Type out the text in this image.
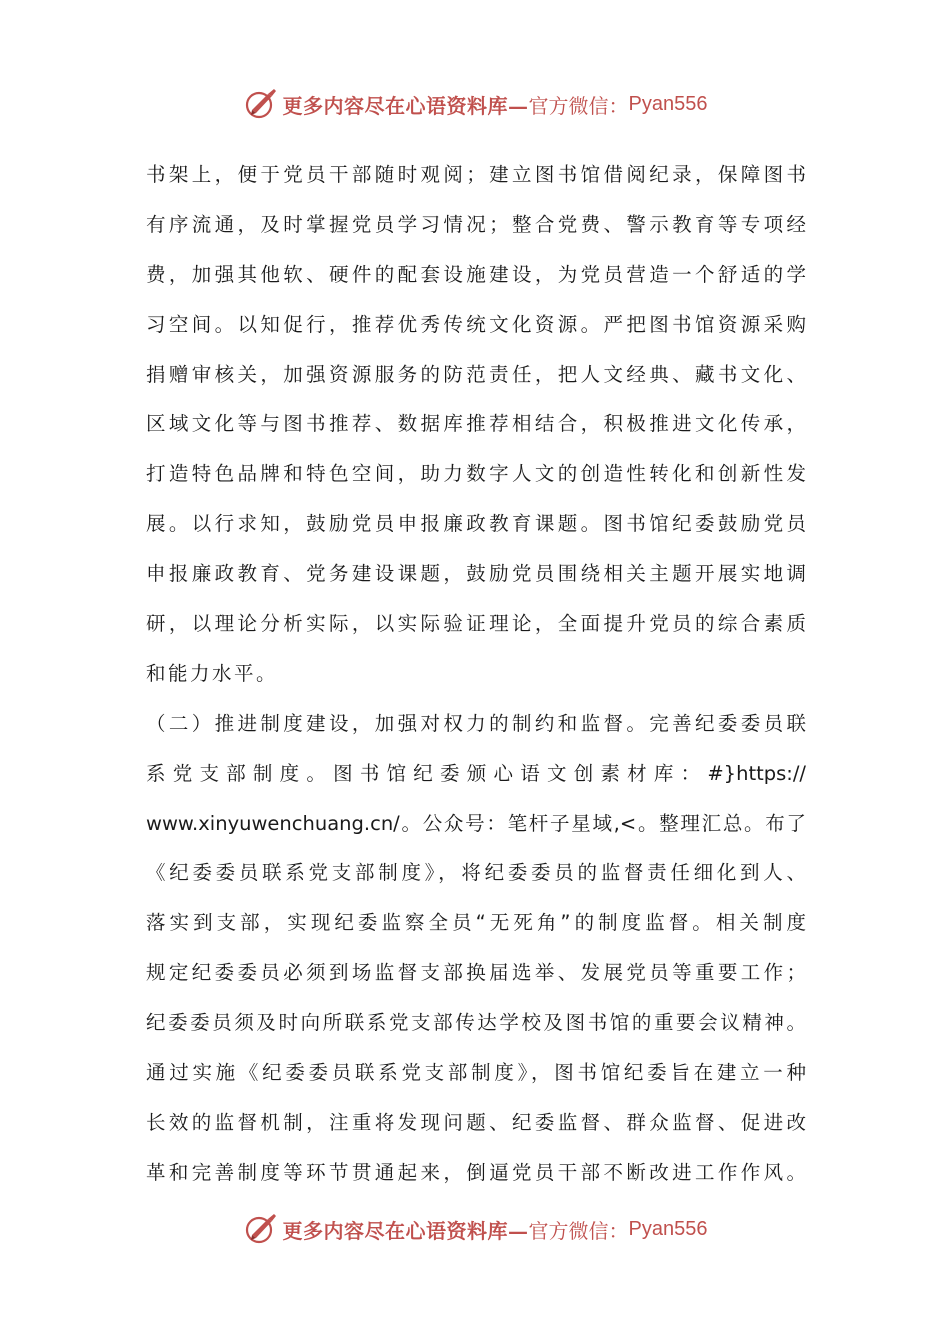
更多内容尽在心语资料库— 官方微信： Pyan556
书架上，便于党员干部随时观阅；建立图书馆借阅纪录，保障图书
有序流通，及时掌握党员学习情况；整合党费、警示教育等专项经
费，加强其他软、硬件的配套设施建设，为党员营造一个舒适的学
习空间。以知促行，推荐优秀传统文化资源。严把图书馆资源采购
捐赠审核关，加强资源服务的防范责任，把人文经典、藏书文化、
区域文化等与图书推荐、数据库推荐相结合，积极推进文化传承，
打造特色品牌和特色空间，助力数字人文的创造性转化和创新性发
展。以行求知，鼓励党员申报廉政教育课题。图书馆纪委鼓励党员
申报廉政教育、党务建设课题，鼓励党员围绕相关主题开展实地调
研，以理论分析实际，以实际验证理论，全面提升党员的综合素质
和能力水平。
（二）推进制度建设，加强对权力的制约和监督。完善纪委委员联
系党支部制度。图书馆纪委颁心语文创素材库：#}https://
www.xinyuwenchuang.cn/。公众号：笔杆子星域,<。整理汇总。布了
《纪委委员联系党支部制度》，将纪委委员的监督责任细化到人、
落实到支部，实现纪委监察全员“无死角”的制度监督。相关制度
规定纪委委员必须到场监督支部换届选举、发展党员等重要工作；
纪委委员须及时向所联系党支部传达学校及图书馆的重要会议精神。
通过实施《纪委委员联系党支部制度》，图书馆纪委旨在建立一种
长效的监督机制，注重将发现问题、纪委监督、群众监督、促进改
革和完善制度等环节贯通起来，倒逼党员干部不断改进工作作风。
更多内容尽在心语资料库— 官方微信： Pyan556
